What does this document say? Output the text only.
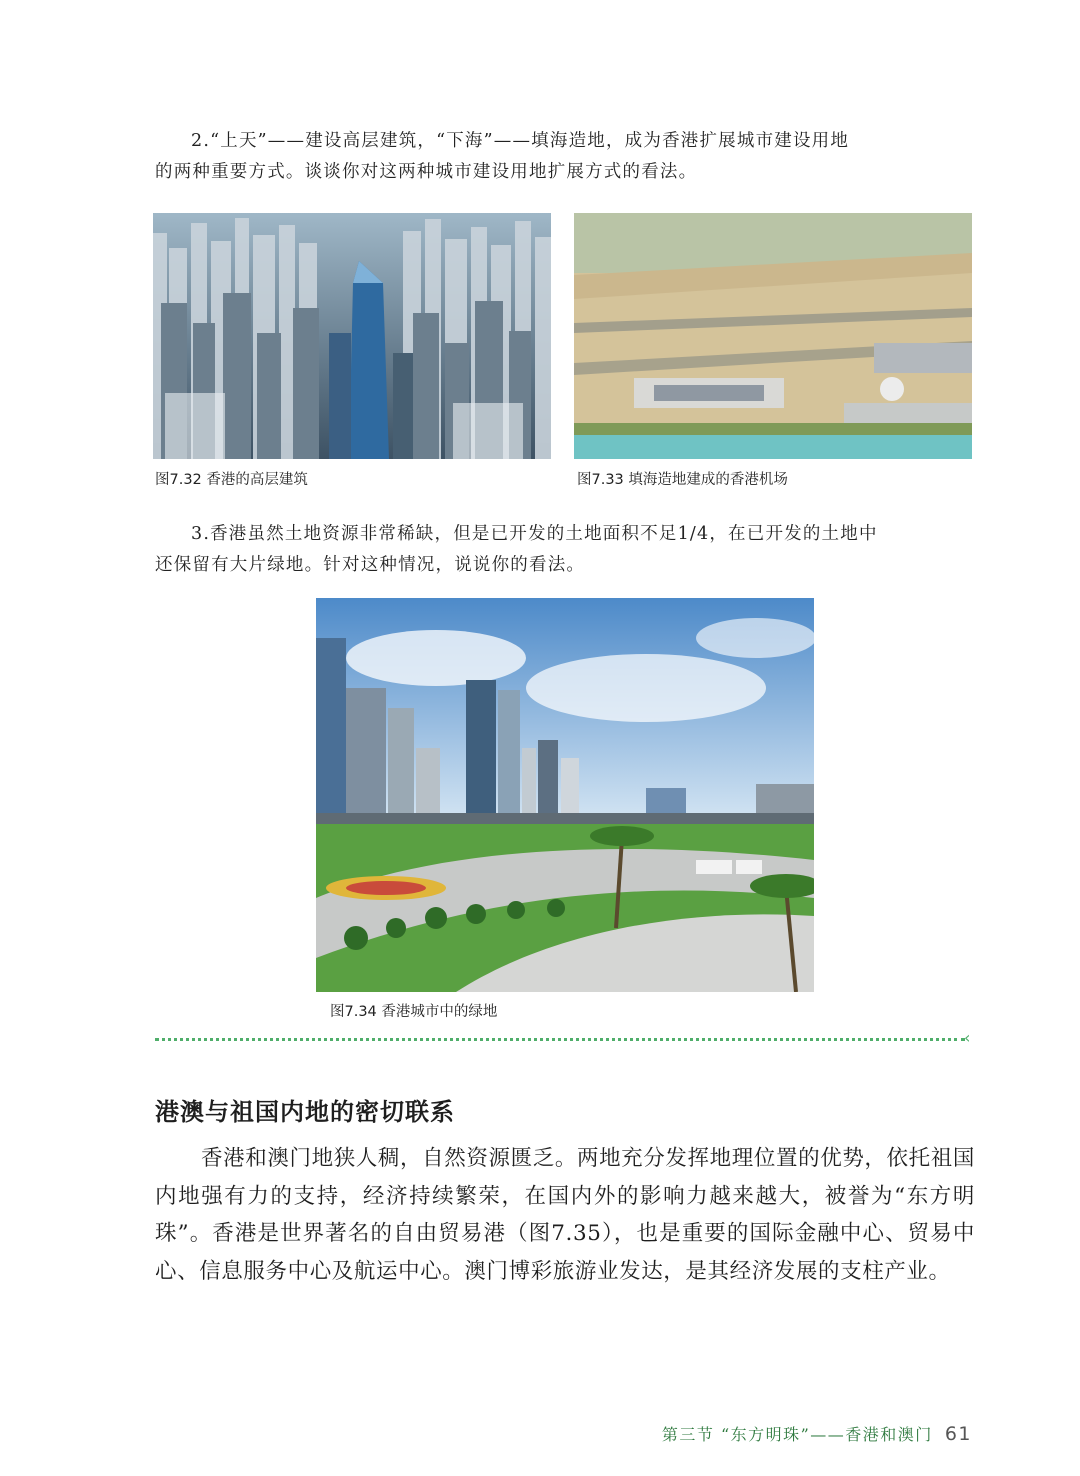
2.“上天”——建设高层建筑，“下海”——填海造地，成为香港扩展城市建设用地
的两种重要方式。谈谈你对这两种城市建设用地扩展方式的看法。
图7.32 香港的高层建筑	图7.33 填海造地建成的香港机场
3.香港虽然土地资源非常稀缺，但是已开发的土地面积不足1/4，在已开发的土地中
还保留有大片绿地。针对这种情况，说说你的看法。
图7.34 香港城市中的绿地
‹
港澳与祖国内地的密切联系
香港和澳门地狭人稠，自然资源匮乏。两地充分发挥地理位置的优势，依托祖国内地强有力的支持，经济持续繁荣，在国内外的影响力越来越大，被誉为“东方明珠”。香港是世界著名的自由贸易港（图7.35），也是重要的国际金融中心、贸易中心、信息服务中心及航运中心。澳门博彩旅游业发达，是其经济发展的支柱产业。
第三节 “东方明珠”——香港和澳门 61
